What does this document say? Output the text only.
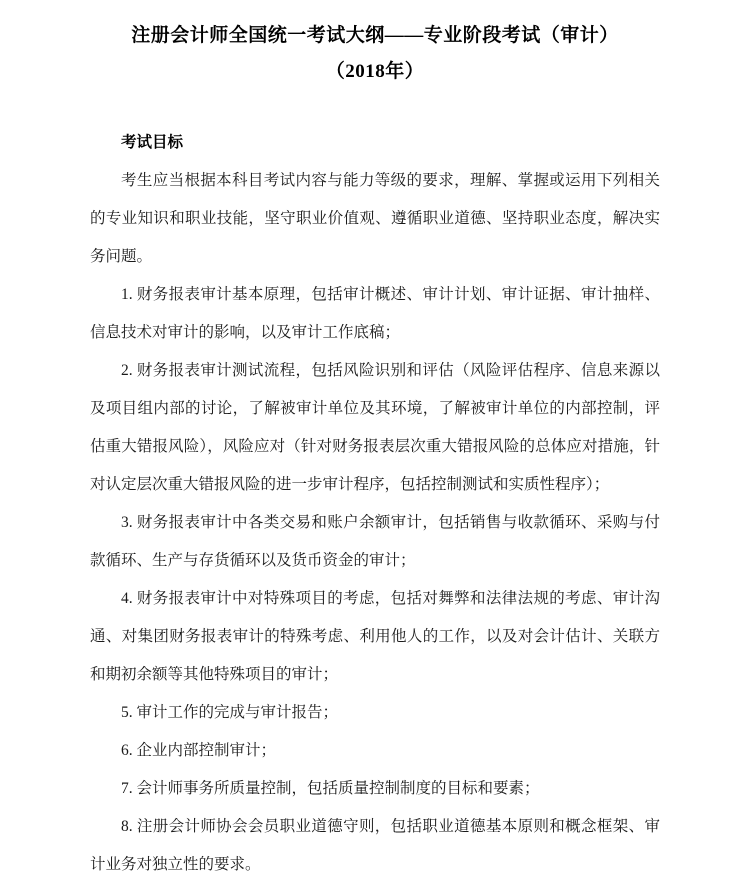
注册会计师全国统一考试大纲——专业阶段考试（审计）
（2018年）
考试目标

考生应当根据本科目考试内容与能力等级的要求，理解、掌握或运用下列相关的专业知识和职业技能，坚守职业价值观、遵循职业道德、坚持职业态度，解决实务问题。

1. 财务报表审计基本原理，包括审计概述、审计计划、审计证据、审计抽样、信息技术对审计的影响，以及审计工作底稿；

2. 财务报表审计测试流程，包括风险识别和评估（风险评估程序、信息来源以及项目组内部的讨论，了解被审计单位及其环境，了解被审计单位的内部控制，评估重大错报风险），风险应对（针对财务报表层次重大错报风险的总体应对措施，针对认定层次重大错报风险的进一步审计程序，包括控制测试和实质性程序）；

3. 财务报表审计中各类交易和账户余额审计，包括销售与收款循环、采购与付款循环、生产与存货循环以及货币资金的审计；

4. 财务报表审计中对特殊项目的考虑，包括对舞弊和法律法规的考虑、审计沟通、对集团财务报表审计的特殊考虑、利用他人的工作，以及对会计估计、关联方和期初余额等其他特殊项目的审计；

5. 审计工作的完成与审计报告；

6. 企业内部控制审计；

7. 会计师事务所质量控制，包括质量控制制度的目标和要素；

8. 注册会计师协会会员职业道德守则，包括职业道德基本原则和概念框架、审计业务对独立性的要求。
